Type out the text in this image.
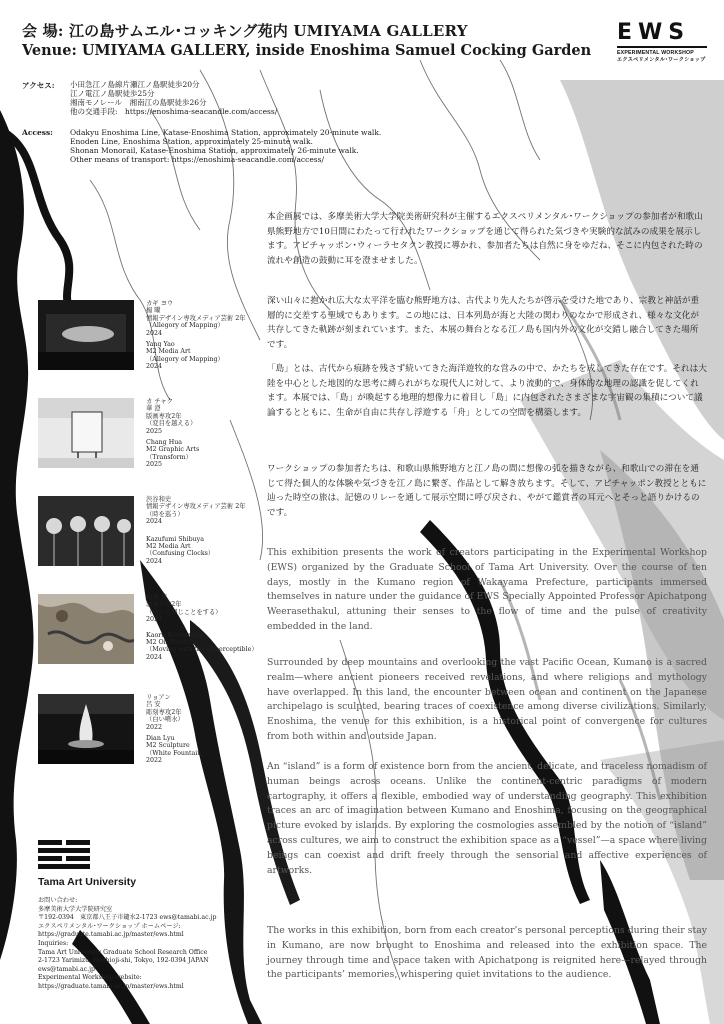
会 場: 江の島サムエル･コッキング苑内 UMIYAMA GALLERY
Venue: UMIYAMA GALLERY, inside Enoshima Samuel Cocking Garden
EWS
EXPERIMENTAL WORKSHOP
エクスペリメンタル･ワークショップ
アクセス: 小田急江ノ島線片瀬江ノ島駅徒歩20分
江ノ電江ノ島駅徒歩25分
湘南モノレール　湘南江の島駅徒歩26分
他の交通手段:　https://enoshima-seacandle.com/access/
Access: Odakyu Enoshima Line, Katase-Enoshima Station, approximately 20-minute walk.
Enoden Line, Enoshima Station, approximately 25-minute walk.
Shonan Monorail, Katase-Enoshima Station, approximately 26-minute walk.
Other means of transport: https://enoshima-seacandle.com/access/
本企画展では、多摩美術大学大学院美術研究科が主催するエクスペリメンタル･ワークショップの参加者が和歌山県熊野地方で10日間にわたって行われたワークショップを通じて得られた気づきや実験的な試みの成果を展示します。アピチャッポン･ウィーラセタクン教授に導かれ、参加者たちは自然に身をゆだね、そこに内包された時の流れや創造の鼓動に耳を澄ませました。
深い山々に抱かれ広大な太平洋を臨む熊野地方は、古代より先人たちが啓示を受けた地であり、宗教と神話が重層的に交差する聖域でもあります。この地には、日本列島が海と大陸の関わりのなかで形成され、様々な文化が共存してきた軌跡が刻まれています。また、本展の舞台となる江ノ島も国内外の文化が交錯し融合してきた場所です。
「島」とは、古代から痕跡を残さず続いてきた海洋遊牧的な営みの中で、かたちを成してきた存在です。それは大陸を中心とした地図的な思考に縛られがちな現代人に対して、より流動的で、身体的な地理の認識を促してくれます。本展では、「島」が喚起する地理的想像力に着目し「島」に内包されたさまざまな宇宙観の集積について議論するとともに、生命が自由に共存し浮遊する「舟」としての空間を構築します。
ワークショップの参加者たちは、和歌山県熊野地方と江ノ島の間に想像の弧を描きながら、和歌山での滞在を通じて得た個人的な体験や気づきを江ノ島に繋ぎ、作品として解き放ちます。そして、アピチャッポン教授とともに辿った時空の旅は、記憶のリレーを通して展示空間に呼び戻され、やがて鑑賞者の耳元へとそっと語りかけるのです。
This exhibition presents the work of creators participating in the Experimental Workshop (EWS) organized by the Graduate School of Tama Art University. Over the course of ten days, mostly in the Kumano region of Wakayama Prefecture, participants immersed themselves in nature under the guidance of EWS Specially Appointed Professor Apichatpong Weerasethakul, attuning their senses to the flow of time and the pulse of creativity embedded in the land.
Surrounded by deep mountains and overlooking the vast Pacific Ocean, Kumano is a sacred realm—where ancient pioneers received revelations, and where religions and mythology have overlapped. In this land, the encounter between ocean and continent on the Japanese archipelago is sculpted, bearing traces of coexistence among diverse civilizations. Similarly, Enoshima, the venue for this exhibition, is a historical point of convergence for cultures from both within and outside Japan.
An “island” is a form of existence born from the ancient, delicate, and traceless nomadism of human beings across oceans. Unlike the continent-centric paradigms of modern cartography, it offers a flexible, embodied way of understanding geography. This exhibition traces an arc of imagination between Kumano and Enoshima, focusing on the geographical picture evoked by islands. By exploring the cosmologies assembled by the notion of “island” across cultures, we aim to construct the exhibition space as a “vessel”—a space where living beings can coexist and drift freely through the sensorial and affective experiences of artworks.
The works in this exhibition, born from each creator’s personal perceptions during their stay in Kumano, are now brought to Enoshima and released into the exhibition space. The journey through time and space taken with Apichatpong is reignited here—relayed through the participants’ memories, whispering quiet invitations to the audience.
カギ ヨウ
楊 曜
情報デザイン専攻メディア芸術 2年
（Allegory of Mapping）
2024
Yang Yao
M2 Media Art
（Allegory of Mapping）
2024
カ チャク
華 澄
版画専攻2年
（変目を越える）
2025
Chang Hua
M2 Graphic Arts
（Transform）
2025
渋谷和史
情報デザイン専攻メディア芸術 2年
（時を巡う）
2024
Kazufumi Shibuya
M2 Media Art
（Confusing Clocks）
2024
松澤 薫
油画専攻2年
（何かと同じことをする）
2024
Kaoru Matsuzawa
M2 Oil Painting
（Moving with the Imperceptible）
2024
リョアン
呂 安
彫刻専攻2年
（白い噴水）
2022
Dian Lyu
M2 Sculpture
（White Fountain）
2022
Tama Art University
お問い合わせ:
多摩美術大学大学院研究室
〒192-0394　東京都八王子市鑓水2-1723 ews@tamabi.ac.jp
エクスペリメンタル･ワークショップ ホームページ:
https://graduate.tamabi.ac.jp/master/ews.html
Inquiries:
Tama Art University Graduate School Research Office
2-1723 Yarimizu, Hachioji-shi, Tokyo, 192-0394 JAPAN
ews@tamabi.ac.jp
Experimental Workshop website:
https://graduate.tamabi.ac.jp/master/ews.html
